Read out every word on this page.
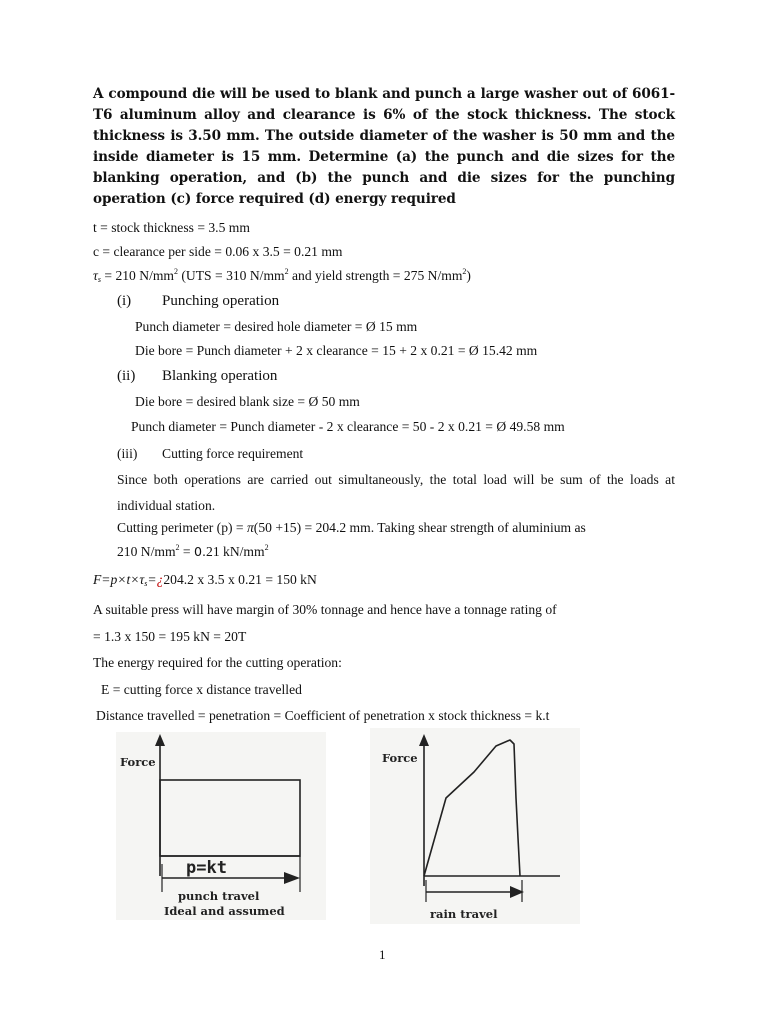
A compound die will be used to blank and punch a large washer out of 6061-T6 aluminum alloy and clearance is 6% of the stock thickness. The stock thickness is 3.50 mm. The outside diameter of the washer is 50 mm and the inside diameter is 15 mm. Determine (a) the punch and die sizes for the blanking operation, and (b) the punch and die sizes for the punching operation (c) force required (d) energy required
t = stock thickness = 3.5 mm
c = clearance per side = 0.06 x 3.5 = 0.21 mm
$\tau_s = 210$ $N/mm^2$ (UTS = 310 $N/mm^2$ and yield strength = 275 $N/mm^2$)
(i) Punching operation
Punch diameter = desired hole diameter = Ø 15 mm
Die bore = Punch diameter + 2 x clearance = 15 + 2 x 0.21 = Ø 15.42 mm
(ii) Blanking operation
Die bore = desired blank size = Ø 50 mm
Punch diameter = Punch diameter - 2 x clearance = 50 - 2 x 0.21 = Ø 49.58 mm
(iii) Cutting force requirement
Since both operations are carried out simultaneously, the total load will be sum of the loads at individual station.
Cutting perimeter (p) = π(50 +15) = 204.2 mm. Taking shear strength of aluminium as
210 $N/mm^2 = 0.21$ $kN/mm^2$
$F=p\times t\times\tau_s=¿204.2$ x 3.5 x 0.21 = 150 kN
A suitable press will have margin of 30% tonnage and hence have a tonnage rating of
= 1.3 x 150 = 195 kN = 20T
The energy required for the cutting operation:
E = cutting force x distance travelled
Distance travelled = penetration = Coefficient of penetration x stock thickness = k.t
Force
p=kt
punch travel
Ideal and assumed
Force
rain travel
1
